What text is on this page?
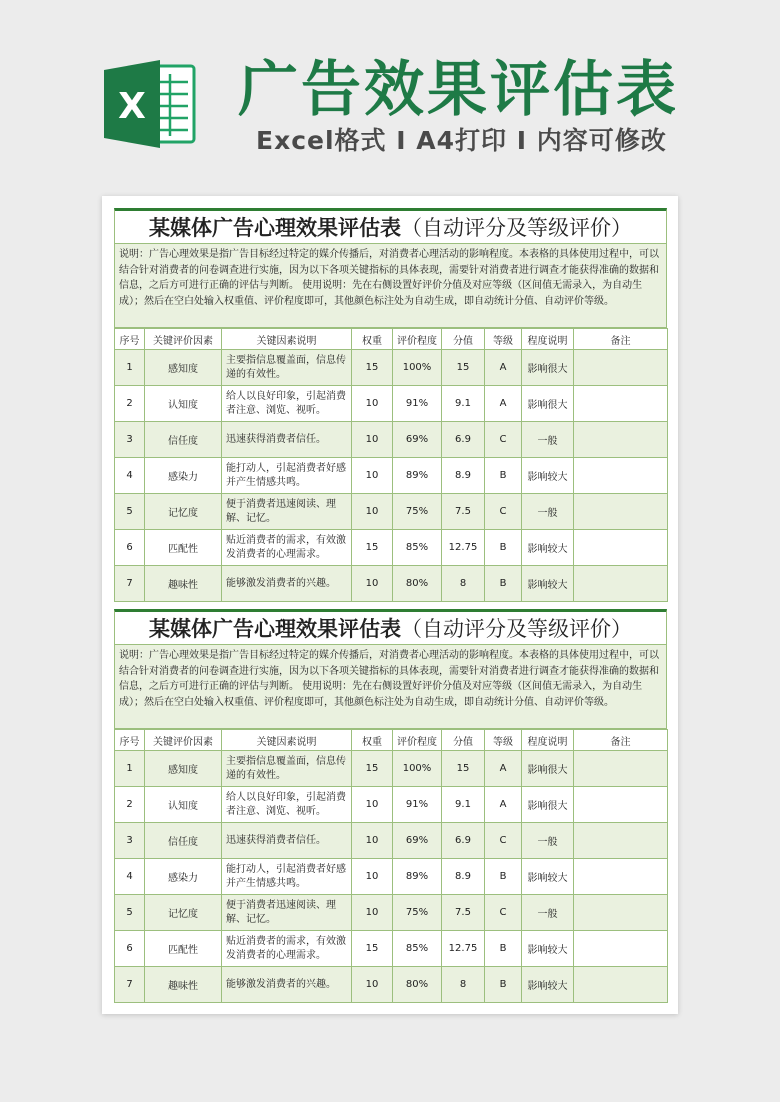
X 广告效果评估表
Excel格式 I A4打印 I 内容可修改
某媒体广告心理效果评估表 （自动评分及等级评价）
说明：广告心理效果是指广告目标经过特定的媒介传播后，对消费者心理活动的影响程度。本表格的具体使用过程中，可以结合针对消费者的问卷调查进行实施，因为以下各项关键指标的具体表现，需要针对消费者进行调查才能获得准确的数据和信息，之后方可进行正确的评估与判断。 使用说明：先在右侧设置好评价分值及对应等级（区间值无需录入，为自动生成）；然后在空白处输入权重值、评价程度即可，其他颜色标注处为自动生成，即自动统计分值、自动评价等级。
序号	关键评价因素	关键因素说明	权重	评价程度	分值	等级	程度说明	备注
1	感知度	主要指信息覆盖面，信息传递的有效性。	15	100%	15	A	影响很大	
2	认知度	给人以良好印象，引起消费者注意、浏览、视听。	10	91%	9.1	A	影响很大	
3	信任度	迅速获得消费者信任。	10	69%	6.9	C	一般	
4	感染力	能打动人，引起消费者好感并产生情感共鸣。	10	89%	8.9	B	影响较大	
5	记忆度	便于消费者迅速阅读、理解、记忆。	10	75%	7.5	C	一般	
6	匹配性	贴近消费者的需求，有效激发消费者的心理需求。	15	85%	12.75	B	影响较大	
7	趣味性	能够激发消费者的兴趣。	10	80%	8	B	影响较大	
某媒体广告心理效果评估表 （自动评分及等级评价）
说明：广告心理效果是指广告目标经过特定的媒介传播后，对消费者心理活动的影响程度。本表格的具体使用过程中，可以结合针对消费者的问卷调查进行实施，因为以下各项关键指标的具体表现，需要针对消费者进行调查才能获得准确的数据和信息，之后方可进行正确的评估与判断。 使用说明：先在右侧设置好评价分值及对应等级（区间值无需录入，为自动生成）；然后在空白处输入权重值、评价程度即可，其他颜色标注处为自动生成，即自动统计分值、自动评价等级。
序号	关键评价因素	关键因素说明	权重	评价程度	分值	等级	程度说明	备注
1	感知度	主要指信息覆盖面，信息传递的有效性。	15	100%	15	A	影响很大	
2	认知度	给人以良好印象，引起消费者注意、浏览、视听。	10	91%	9.1	A	影响很大	
3	信任度	迅速获得消费者信任。	10	69%	6.9	C	一般	
4	感染力	能打动人，引起消费者好感并产生情感共鸣。	10	89%	8.9	B	影响较大	
5	记忆度	便于消费者迅速阅读、理解、记忆。	10	75%	7.5	C	一般	
6	匹配性	贴近消费者的需求，有效激发消费者的心理需求。	15	85%	12.75	B	影响较大	
7	趣味性	能够激发消费者的兴趣。	10	80%	8	B	影响较大	
